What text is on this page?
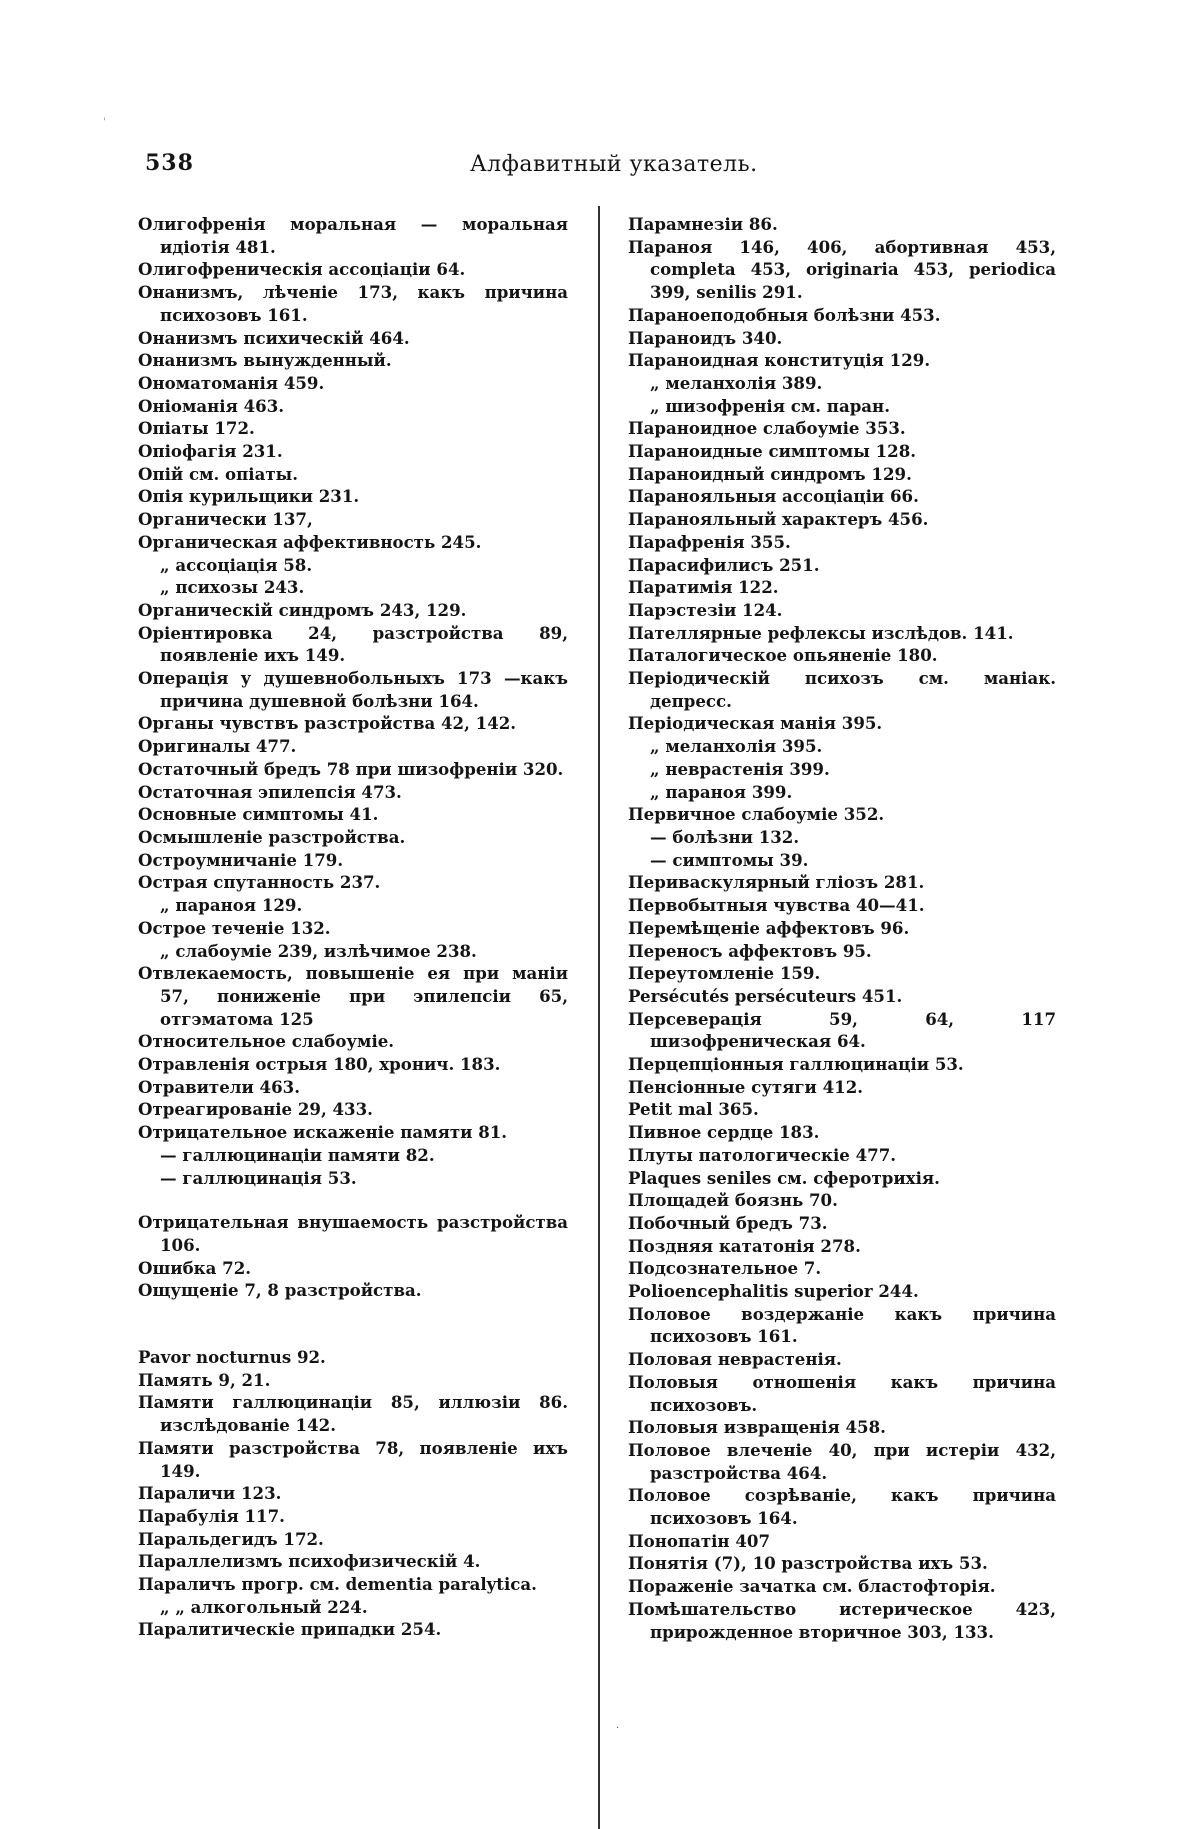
'
538	Алфавитный указатель.
Олигофренія моральная — моральная идіотія 481.
Олигофреническія ассоціаціи 64.
Онанизмъ, лѣченіе 173, какъ причина психозовъ 161.
Онанизмъ психическій 464.
Онанизмъ вынужденный.
Ономатоманія 459.
Оніоманія 463.
Опіаты 172.
Опіофагія 231.
Опій см. опіаты.
Опія курильщики 231.
Органически 137,
Органическая аффективность 245.
„ ассоціація 58.
„ психозы 243.
Органическій синдромъ 243, 129.
Оріентировка 24, разстройства 89, появленіе ихъ 149.
Операція у душевнобольныхъ 173 —какъ причина душевной болѣзни 164.
Органы чувствъ разстройства 42, 142.
Оригиналы 477.
Остаточный бредъ 78 при шизофреніи 320.
Остаточная эпилепсія 473.
Основные симптомы 41.
Осмышленіе разстройства.
Остроумничаніе 179.
Острая спутанность 237.
„ параноя 129.
Острое теченіе 132.
„ слабоуміе 239, излѣчимое 238.
Отвлекаемость, повышеніе ея при маніи 57, пониженіе при эпилепсіи 65, отгэматома 125
Относительное слабоуміе.
Отравленія острыя 180, хронич. 183.
Отравители 463.
Отреагированіе 29, 433.
Отрицательное искаженіе памяти 81.
— галлюцинаціи памяти 82.
— галлюцинація 53.
Отрицательная внушаемость разстройства 106.
Ошибка 72.
Ощущеніе 7, 8 разстройства.
Pavor nocturnus 92.
Память 9, 21.
Памяти галлюцинаціи 85, иллюзіи 86. изслѣдованіе 142.
Памяти разстройства 78, появленіе ихъ 149.
Параличи 123.
Парабулія 117.
Паральдегидъ 172.
Параллелизмъ психофизическій 4.
Параличъ прогр. см. dementia paralytica.
„ „ алкогольный 224.
Паралитическіе припадки 254.
Парамнезіи 86.
Параноя 146, 406, абортивная 453, completa 453, originaria 453, periodica 399, senilis 291.
Параноеподобныя болѣзни 453.
Параноидъ 340.
Параноидная конституція 129.
„ меланхолія 389.
„ шизофренія см. паран.
Параноидное слабоуміе 353.
Параноидные симптомы 128.
Параноидный синдромъ 129.
Паранояльныя ассоціаціи 66.
Паранояльный характеръ 456.
Парафренія 355.
Парасифилисъ 251.
Паратимія 122.
Парэстезіи 124.
Пателлярные рефлексы изслѣдов. 141.
Паталогическое опьяненіе 180.
Періодическій психозъ см. маніак. депресс.
Періодическая манія 395.
„ меланхолія 395.
„ неврастенія 399.
„ параноя 399.
Первичное слабоуміе 352.
— болѣзни 132.
— симптомы 39.
Периваскулярный гліозъ 281.
Первобытныя чувства 40—41.
Перемѣщеніе аффектовъ 96.
Переносъ аффектовъ 95.
Переутомленіе 159.
Persécutés persécuteurs 451.
Персеверація 59, 64, 117 шизофреническая 64.
Перцепціонныя галлюцинаціи 53.
Пенсіонные сутяги 412.
Petit mal 365.
Пивное сердце 183.
Плуты патологическіе 477.
Plaques seniles см. сферотрихія.
Площадей боязнь 70.
Побочный бредъ 73.
Поздняя кататонія 278.
Подсознательное 7.
Polioencephalitis superior 244.
Половое воздержаніе какъ причина психозовъ 161.
Половая неврастенія.
Половыя отношенія какъ причина психозовъ.
Половыя извращенія 458.
Половое влеченіе 40, при истеріи 432, разстройства 464.
Половое созрѣваніе, какъ причина психозовъ 164.
Понопатін 407
Понятія (7), 10 разстройства ихъ 53.
Пораженіе зачатка см. бластофторія.
Помѣшательство истерическое 423, прирожденное вторичное 303, 133.
·
